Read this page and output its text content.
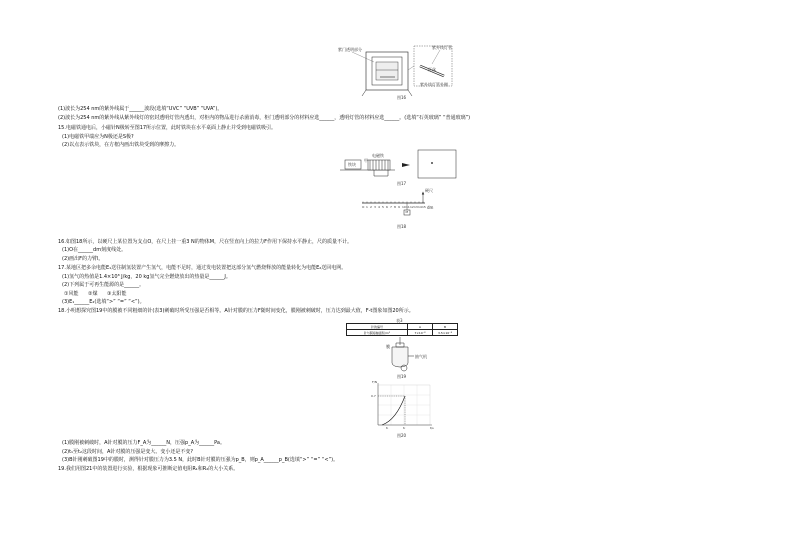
紫门透明部分	紫外线灯管
灯丝
紫外线灯管外侧
图16
(1)波长为254 nm的紫外线属于______波段(选填“UVC” “UVB” “UVA”)。
(2)波长为254 nm的紫外线从紫外线灯的密封透明灯管内透出，对柜内的物品进行杀菌消毒，柜门透明部分的材料应选______，透明灯管的材料应选______。(选填“石英玻璃” “普通玻璃”)
15.电磁铁通电后，小磁针N极转至图17所示位置，此时铁块在水平桌面上静止并受到电磁铁吸引。
(1)电磁铁甲端应为N极还是S极?
(2)以点表示铁块，在方框内画出铁块受到的摩擦力。
铁块
电磁铁
甲
图17
O 1 2 3 4 5 6 7 8 9 10 11 12 13 14 15 dm
硬尺
M
图18
16.如图18所示，以硬尺上某位置为支点O，在尺上挂一重3 N的物体M，尺在竖直向上的拉力F作用下保持水平静止，尺的质量不计。
(1)O在______dm刻度线处。
(2)画出F的力臂l。
17.某地区把多余电能E₁送往制氢装置产生氢气，电能不足时，通过发电装置把这部分氢气燃烧释放的能量转化为电能E₂送回电网。
(1)氢气的热值是1.4×10⁸ J/kg，20 kg氢气完全燃烧放出的热量是______J。
(2)下列属于可再生能源的是______。
①风能      ②煤      ③太阳能
(3)E₁______E₂(选填“>” “=” “<”)。
18.小明想探究图19中的膜被不同粗细的针(表3)刺破时所受压强是否相等。A针对膜的压力F随时间变化，膜刚被刺破时，压力达到最大值，F-t图象如图20所示。
表3
针的编号	A	B
针与膜接触面积/m²	7×10⁻⁸	3.5×10⁻⁸
膜
抽气机
图19
F/N
0.7
t₁	t₂	t/s
图20
(1)膜刚被刺破时，A针对膜的压力F_A为______N，压强p_A为______Pa。
(2)t₁至t₂这段时间，A针对膜的压强是变大、变小还是不变?
(3)B针刚刺破图19中的膜时，测得针对膜压力为3.5 N，此时B针对膜的压强为p_B，则p_A______p_B(选填“>” “=” “<”)。
19.我们用图21中的装置进行实验，根据现象可推断定值电阻R₁和R₂的大小关系。
